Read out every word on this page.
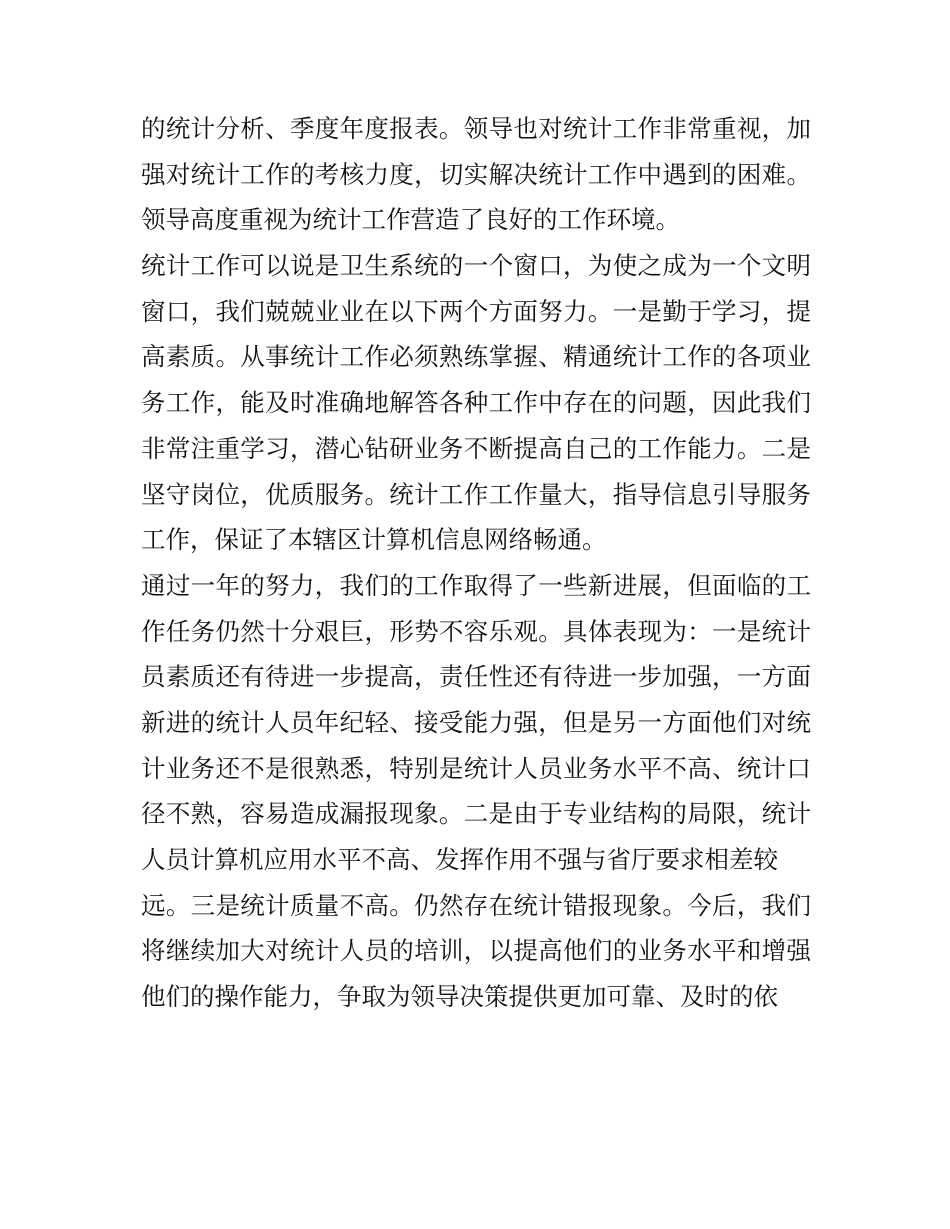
的统计分析、季度年度报表。领导也对统计工作非常重视，加
强对统计工作的考核力度，切实解决统计工作中遇到的困难。
领导高度重视为统计工作营造了良好的工作环境。
统计工作可以说是卫生系统的一个窗口，为使之成为一个文明
窗口，我们兢兢业业在以下两个方面努力。一是勤于学习，提
高素质。从事统计工作必须熟练掌握、精通统计工作的各项业
务工作，能及时准确地解答各种工作中存在的问题，因此我们
非常注重学习，潜心钻研业务不断提高自己的工作能力。二是
坚守岗位，优质服务。统计工作工作量大，指导信息引导服务
工作，保证了本辖区计算机信息网络畅通。
通过一年的努力，我们的工作取得了一些新进展，但面临的工
作任务仍然十分艰巨，形势不容乐观。具体表现为：一是统计
员素质还有待进一步提高，责任性还有待进一步加强，一方面
新进的统计人员年纪轻、接受能力强，但是另一方面他们对统
计业务还不是很熟悉，特别是统计人员业务水平不高、统计口
径不熟，容易造成漏报现象。二是由于专业结构的局限，统计
人员计算机应用水平不高、发挥作用不强与省厅要求相差较
远。三是统计质量不高。仍然存在统计错报现象。今后，我们
将继续加大对统计人员的培训，以提高他们的业务水平和增强
他们的操作能力，争取为领导决策提供更加可靠、及时的依
